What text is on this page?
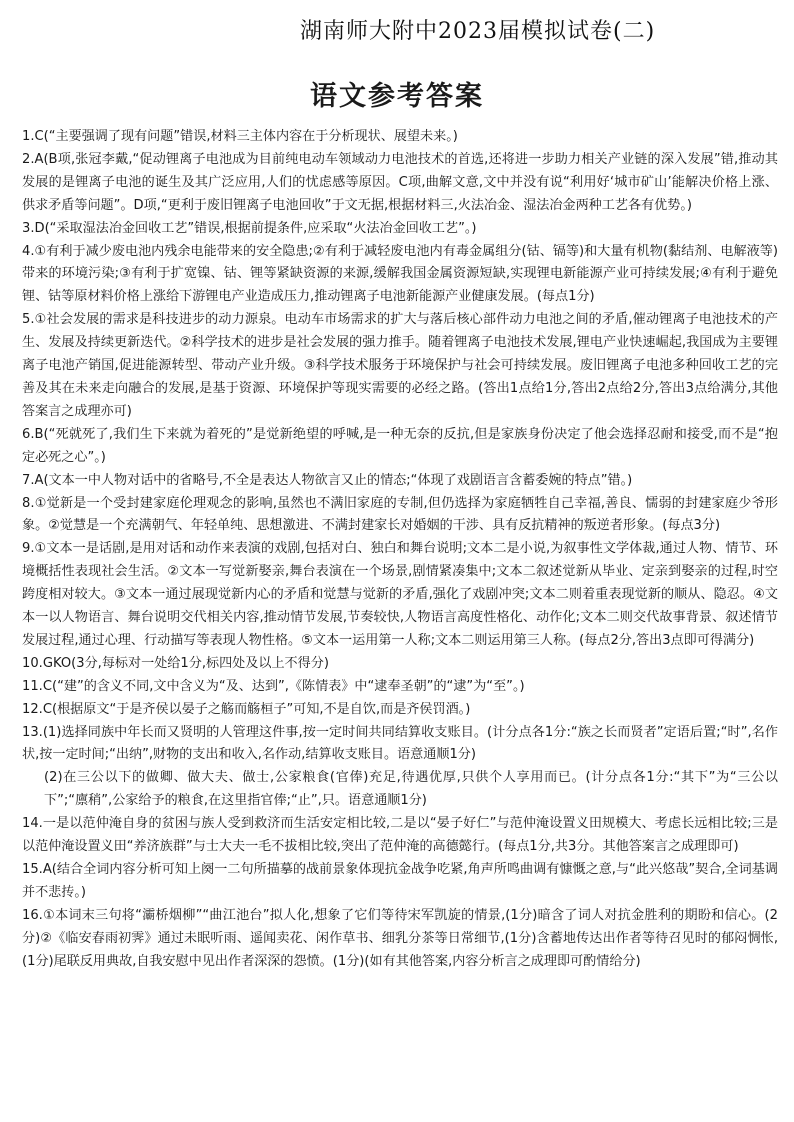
湖南师大附中2023届模拟试卷(二)
语文参考答案

1.C(“主要强调了现有问题”错误,材料三主体内容在于分析现状、展望未来。)

2.A(B项,张冠李戴,“促动锂离子电池成为目前纯电动车领域动力电池技术的首选,还将进一步助力相关产业链的深入发展”错,推动其发展的是锂离子电池的诞生及其广泛应用,人们的忧虑感等原因。C项,曲解文意,文中并没有说“利用好‘城市矿山’能解决价格上涨、供求矛盾等问题”。D项,“更利于废旧锂离子电池回收”于文无据,根据材料三,火法冶金、湿法冶金两种工艺各有优势。)

3.D(“采取湿法冶金回收工艺”错误,根据前提条件,应采取“火法冶金回收工艺”。)

4.①有利于减少废电池内残余电能带来的安全隐患;②有利于减轻废电池内有毒金属组分(钴、镉等)和大量有机物(黏结剂、电解液等)带来的环境污染;③有利于扩宽镍、钴、锂等紧缺资源的来源,缓解我国金属资源短缺,实现锂电新能源产业可持续发展;④有利于避免锂、钴等原材料价格上涨给下游锂电产业造成压力,推动锂离子电池新能源产业健康发展。(每点1分)

5.①社会发展的需求是科技进步的动力源泉。电动车市场需求的扩大与落后核心部件动力电池之间的矛盾,催动锂离子电池技术的产生、发展及持续更新迭代。②科学技术的进步是社会发展的强力推手。随着锂离子电池技术发展,锂电产业快速崛起,我国成为主要锂离子电池产销国,促进能源转型、带动产业升级。③科学技术服务于环境保护与社会可持续发展。废旧锂离子电池多种回收工艺的完善及其在未来走向融合的发展,是基于资源、环境保护等现实需要的必经之路。(答出1点给1分,答出2点给2分,答出3点给满分,其他答案言之成理亦可)

6.B(“死就死了,我们生下来就为着死的”是觉新绝望的呼喊,是一种无奈的反抗,但是家族身份决定了他会选择忍耐和接受,而不是“抱定必死之心”。)

7.A(文本一中人物对话中的省略号,不全是表达人物欲言又止的情态;“体现了戏剧语言含蓄委婉的特点”错。)

8.①觉新是一个受封建家庭伦理观念的影响,虽然也不满旧家庭的专制,但仍选择为家庭牺牲自己幸福,善良、懦弱的封建家庭少爷形象。②觉慧是一个充满朝气、年轻单纯、思想激进、不满封建家长对婚姻的干涉、具有反抗精神的叛逆者形象。(每点3分)

9.①文本一是话剧,是用对话和动作来表演的戏剧,包括对白、独白和舞台说明;文本二是小说,为叙事性文学体裁,通过人物、情节、环境概括性表现社会生活。②文本一写觉新娶亲,舞台表演在一个场景,剧情紧凑集中;文本二叙述觉新从毕业、定亲到娶亲的过程,时空跨度相对较大。③文本一通过展现觉新内心的矛盾和觉慧与觉新的矛盾,强化了戏剧冲突;文本二则着重表现觉新的顺从、隐忍。④文本一以人物语言、舞台说明交代相关内容,推动情节发展,节奏较快,人物语言高度性格化、动作化;文本二则交代故事背景、叙述情节发展过程,通过心理、行动描写等表现人物性格。⑤文本一运用第一人称;文本二则运用第三人称。(每点2分,答出3点即可得满分)

10.GKO(3分,每标对一处给1分,标四处及以上不得分)

11.C(“建”的含义不同,文中含义为“及、达到”,《陈情表》中“逮奉圣朝”的“逮”为“至”。)

12.C(根据原文“于是齐侯以晏子之觞而觞桓子”可知,不是自饮,而是齐侯罚酒。)

13.(1)选择同族中年长而又贤明的人管理这件事,按一定时间共同结算收支账目。(计分点各1分:“族之长而贤者”定语后置;“时”,名作状,按一定时间;“出纳”,财物的支出和收入,名作动,结算收支账目。语意通顺1分)

(2)在三公以下的做卿、做大夫、做士,公家粮食(官俸)充足,待遇优厚,只供个人享用而已。(计分点各1分:“其下”为“三公以下”;“廪稍”,公家给予的粮食,在这里指官俸;“止”,只。语意通顺1分)

14.一是以范仲淹自身的贫困与族人受到救济而生活安定相比较,二是以“晏子好仁”与范仲淹设置义田规模大、考虑长远相比较;三是以范仲淹设置义田“养济族群”与士大夫一毛不拔相比较,突出了范仲淹的高德懿行。(每点1分,共3分。其他答案言之成理即可)

15.A(结合全词内容分析可知上阕一二句所描摹的战前景象体现抗金战争吃紧,角声所鸣曲调有慷慨之意,与“此兴悠哉”契合,全词基调并不悲抟。)

16.①本词末三句将“灞桥烟柳”“曲江池台”拟人化,想象了它们等待宋军凯旋的情景,(1分)暗含了词人对抗金胜利的期盼和信心。(2分)②《临安春雨初霁》通过未眠听雨、遥闻卖花、闲作草书、细乳分茶等日常细节,(1分)含蓄地传达出作者等待召见时的郁闷惆怅,(1分)尾联反用典故,自我安慰中见出作者深深的怨愤。(1分)(如有其他答案,内容分析言之成理即可酌情给分)
